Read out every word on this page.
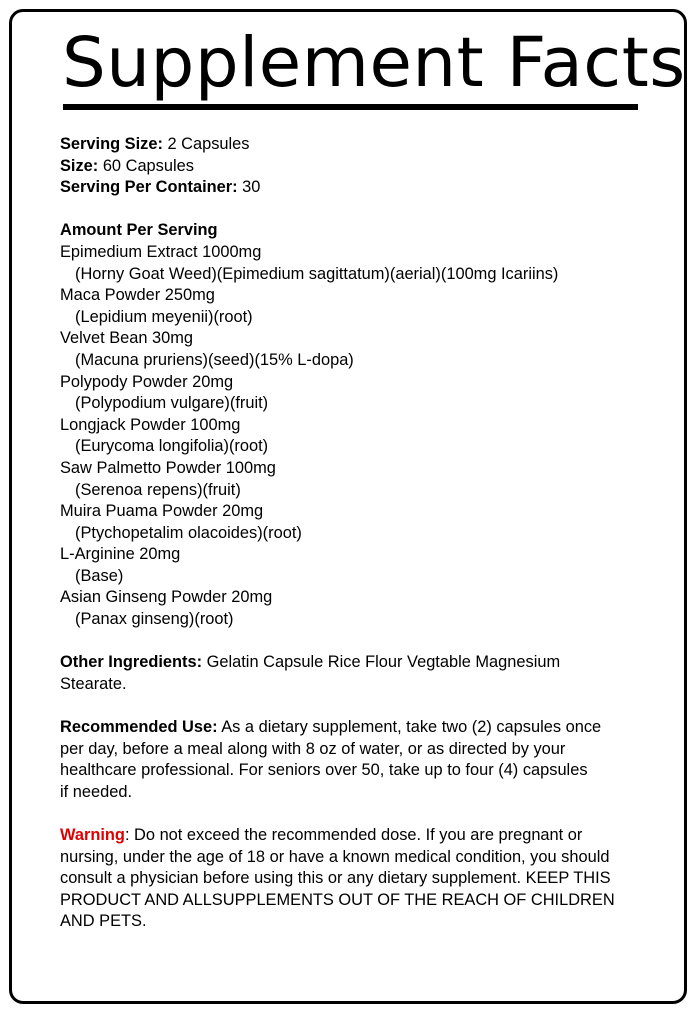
Supplement Facts
Serving Size: 2 Capsules
Size: 60 Capsules
Serving Per Container: 30
Amount Per Serving
Epimedium Extract 1000mg
(Horny Goat Weed)(Epimedium sagittatum)(aerial)(100mg Icariins)
Maca Powder 250mg
(Lepidium meyenii)(root)
Velvet Bean 30mg
(Macuna pruriens)(seed)(15% L-dopa)
Polypody Powder 20mg
(Polypodium vulgare)(fruit)
Longjack Powder 100mg
(Eurycoma longifolia)(root)
Saw Palmetto Powder 100mg
(Serenoa repens)(fruit)
Muira Puama Powder 20mg
(Ptychopetalim olacoides)(root)
L-Arginine 20mg
(Base)
Asian Ginseng Powder 20mg
(Panax ginseng)(root)
Other Ingredients: Gelatin Capsule Rice Flour Vegtable Magnesium
Stearate.
Recommended Use: As a dietary supplement, take two (2) capsules once
per day, before a meal along with 8 oz of water, or as directed by your
healthcare professional. For seniors over 50, take up to four (4) capsules
if needed.
Warning: Do not exceed the recommended dose. If you are pregnant or
nursing, under the age of 18 or have a known medical condition, you should
consult a physician before using this or any dietary supplement. KEEP THIS
PRODUCT AND ALLSUPPLEMENTS OUT OF THE REACH OF CHILDREN
AND PETS.
